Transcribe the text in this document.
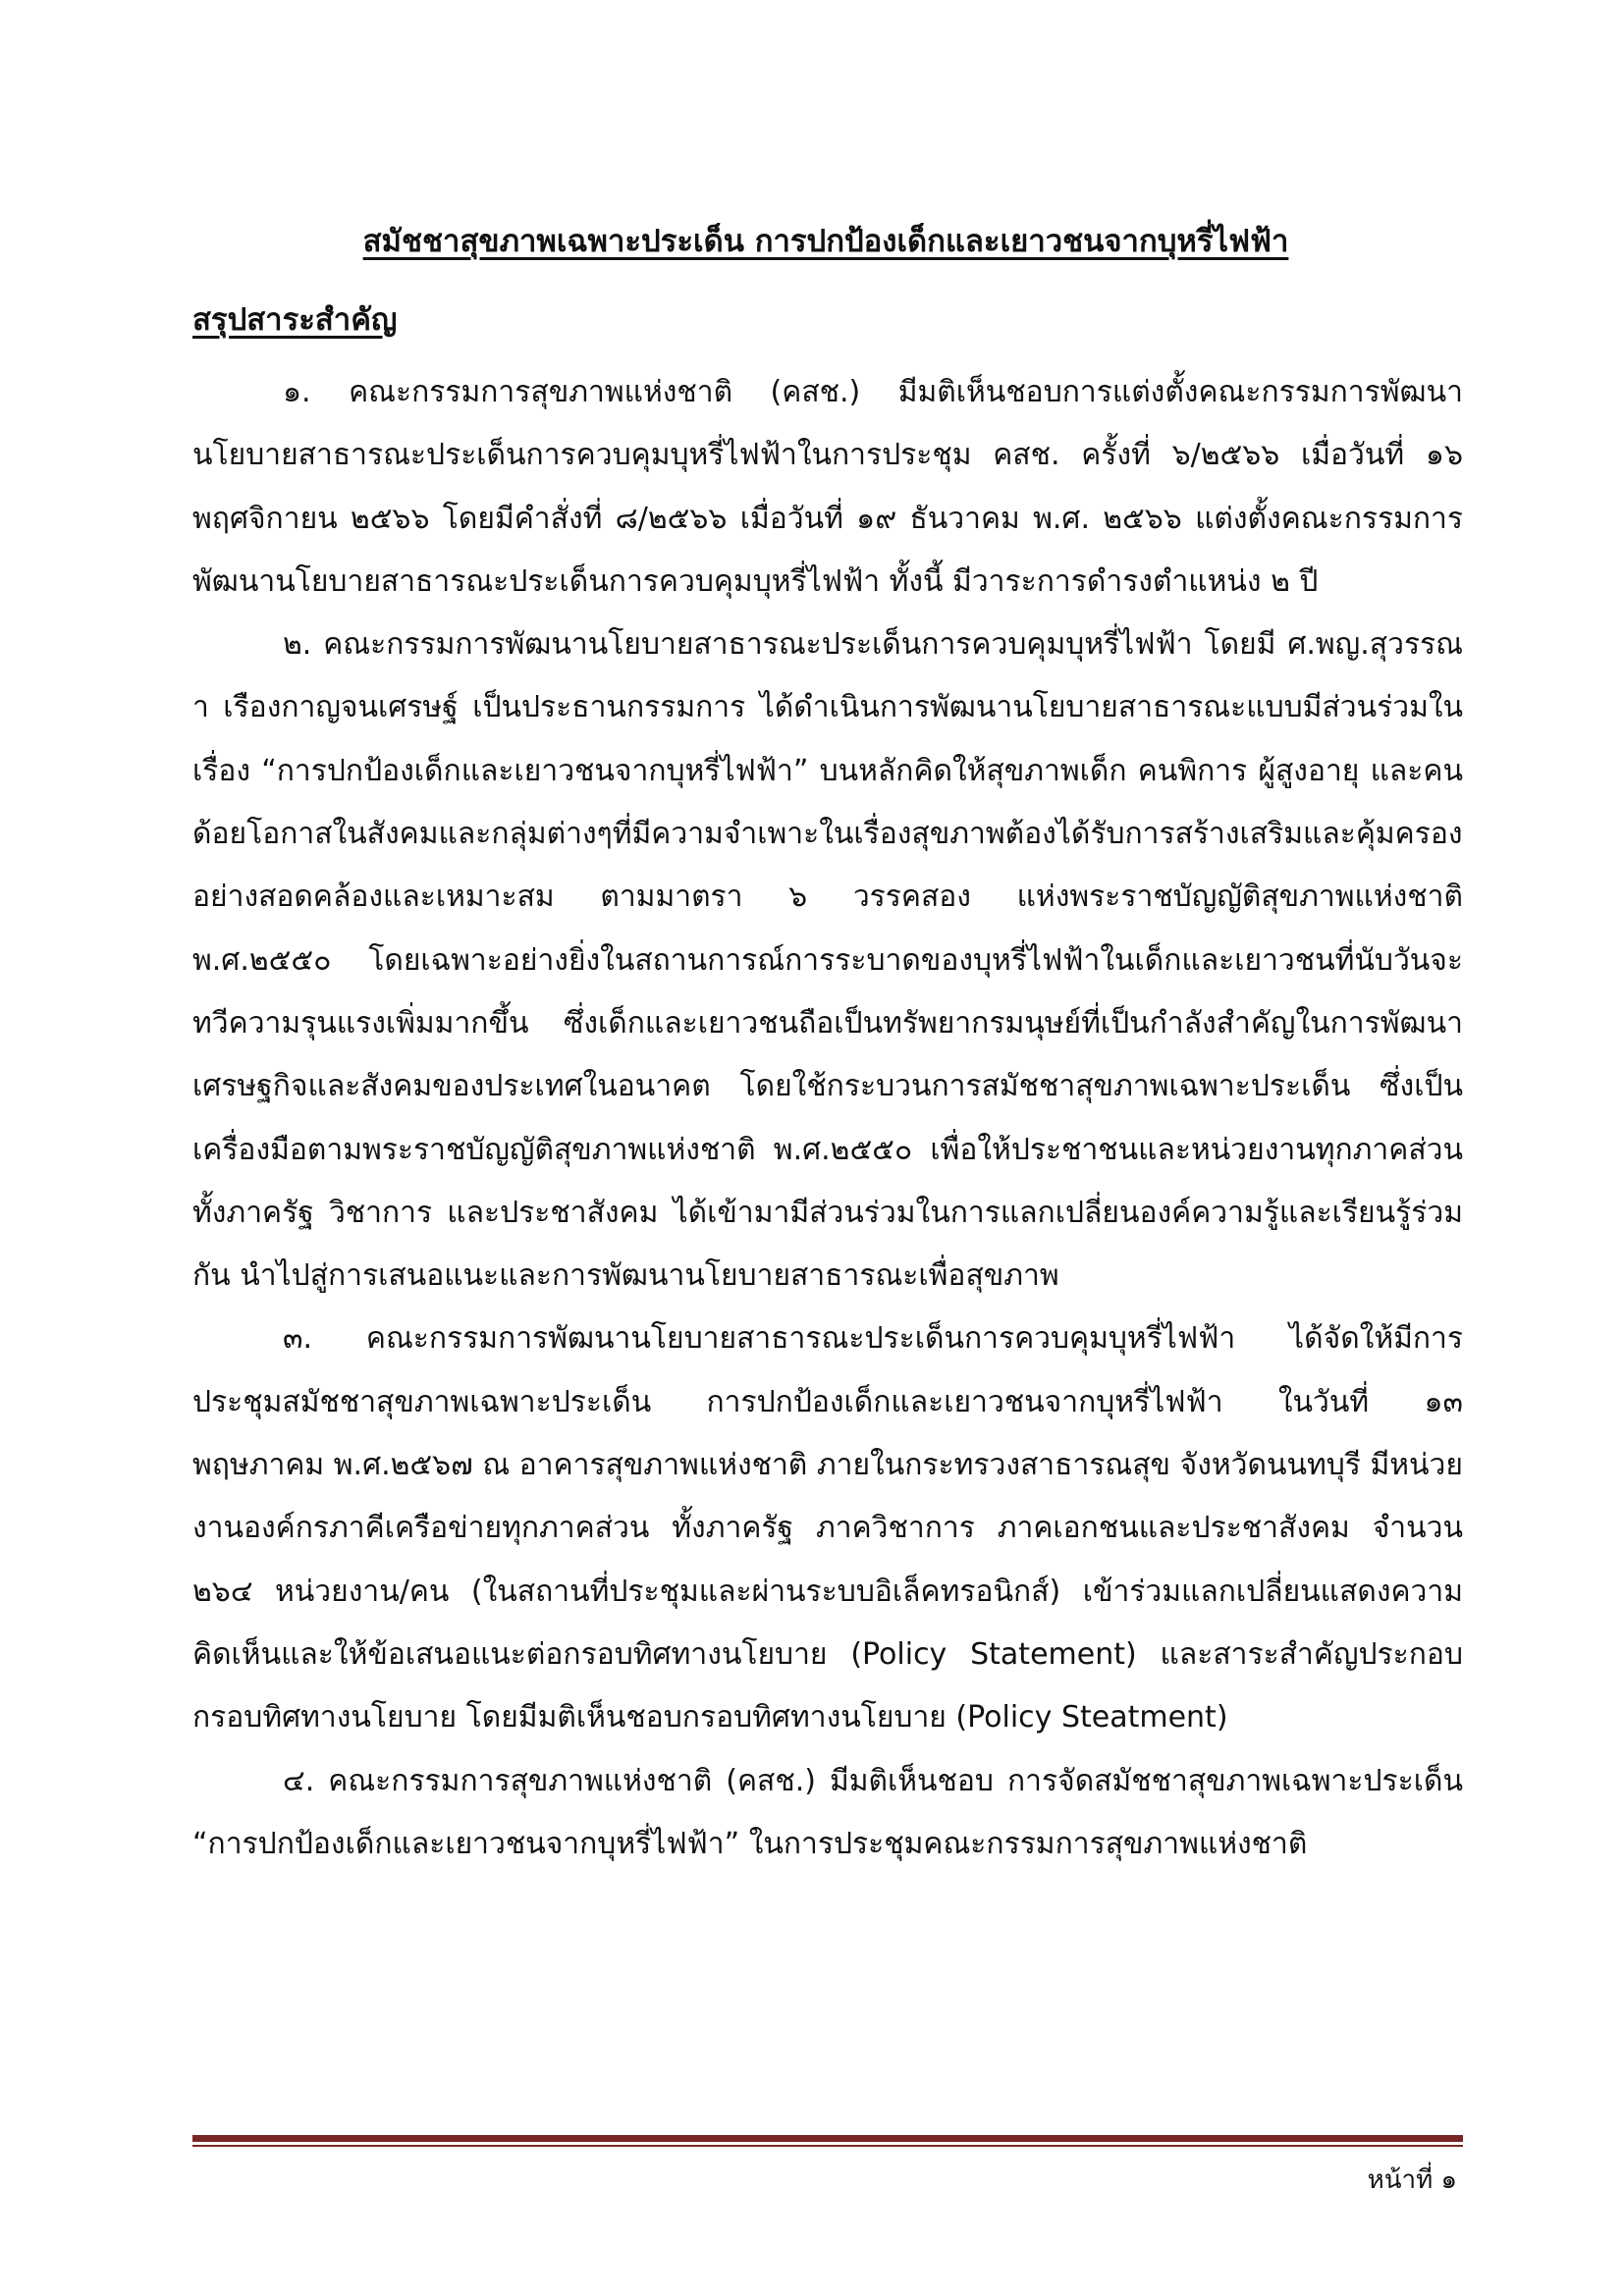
สมัชชาสุขภาพเฉพาะประเด็น การปกป้องเด็กและเยาวชนจากบุหรี่ไฟฟ้า
สรุปสาระสำคัญ

๑. คณะกรรมการสุขภาพแห่งชาติ (คสช.) มีมติเห็นชอบการแต่งตั้งคณะกรรมการพัฒนานโยบายสาธารณะประเด็นการควบคุมบุหรี่ไฟฟ้าในการประชุม คสช. ครั้งที่ ๖/๒๕๖๖ เมื่อวันที่ ๑๖ พฤศจิกายน ๒๕๖๖ โดยมีคำสั่งที่ ๘/๒๕๖๖ เมื่อวันที่ ๑๙ ธันวาคม พ.ศ. ๒๕๖๖ แต่งตั้งคณะกรรมการพัฒนานโยบายสาธารณะประเด็นการควบคุมบุหรี่ไฟฟ้า ทั้งนี้ มีวาระการดำรงตำแหน่ง ๒ ปี

๒. คณะกรรมการพัฒนานโยบายสาธารณะประเด็นการควบคุมบุหรี่ไฟฟ้า โดยมี ศ.พญ.สุวรรณา เรืองกาญจนเศรษฐ์ เป็นประธานกรรมการ ได้ดำเนินการพัฒนานโยบายสาธารณะแบบมีส่วนร่วมในเรื่อง “การปกป้องเด็กและเยาวชนจากบุหรี่ไฟฟ้า” บนหลักคิดให้สุขภาพเด็ก คนพิการ ผู้สูงอายุ และคนด้อยโอกาสในสังคมและกลุ่มต่างๆที่มีความจำเพาะในเรื่องสุขภาพต้องได้รับการสร้างเสริมและคุ้มครองอย่างสอดคล้องและเหมาะสม ตามมาตรา ๖ วรรคสอง แห่งพระราชบัญญัติสุขภาพแห่งชาติ พ.ศ.๒๕๕๐ โดยเฉพาะอย่างยิ่งในสถานการณ์การระบาดของบุหรี่ไฟฟ้าในเด็กและเยาวชนที่นับวันจะทวีความรุนแรงเพิ่มมากขึ้น ซึ่งเด็กและเยาวชนถือเป็นทรัพยากรมนุษย์ที่เป็นกำลังสำคัญในการพัฒนาเศรษฐกิจและสังคมของประเทศในอนาคต โดยใช้กระบวนการสมัชชาสุขภาพเฉพาะประเด็น ซึ่งเป็นเครื่องมือตามพระราชบัญญัติสุขภาพแห่งชาติ พ.ศ.๒๕๕๐ เพื่อให้ประชาชนและหน่วยงานทุกภาคส่วน ทั้งภาครัฐ วิชาการ และประชาสังคม ได้เข้ามามีส่วนร่วมในการแลกเปลี่ยนองค์ความรู้และเรียนรู้ร่วมกัน นำไปสู่การเสนอแนะและการพัฒนานโยบายสาธารณะเพื่อสุขภาพ

๓. คณะกรรมการพัฒนานโยบายสาธารณะประเด็นการควบคุมบุหรี่ไฟฟ้า ได้จัดให้มีการประชุมสมัชชาสุขภาพเฉพาะประเด็น การปกป้องเด็กและเยาวชนจากบุหรี่ไฟฟ้า ในวันที่ ๑๓ พฤษภาคม พ.ศ.๒๕๖๗ ณ อาคารสุขภาพแห่งชาติ ภายในกระทรวงสาธารณสุข จังหวัดนนทบุรี มีหน่วยงานองค์กรภาคีเครือข่ายทุกภาคส่วน ทั้งภาครัฐ ภาควิชาการ ภาคเอกชนและประชาสังคม จำนวน ๒๖๔ หน่วยงาน/คน (ในสถานที่ประชุมและผ่านระบบอิเล็คทรอนิกส์) เข้าร่วมแลกเปลี่ยนแสดงความคิดเห็นและให้ข้อเสนอแนะต่อกรอบทิศทางนโยบาย (Policy Statement) และสาระสำคัญประกอบกรอบทิศทางนโยบาย โดยมีมติเห็นชอบกรอบทิศทางนโยบาย (Policy Steatment)

๔. คณะกรรมการสุขภาพแห่งชาติ (คสช.) มีมติเห็นชอบ การจัดสมัชชาสุขภาพเฉพาะประเด็น “การปกป้องเด็กและเยาวชนจากบุหรี่ไฟฟ้า” ในการประชุมคณะกรรมการสุขภาพแห่งชาติ

หน้าที่ ๑
